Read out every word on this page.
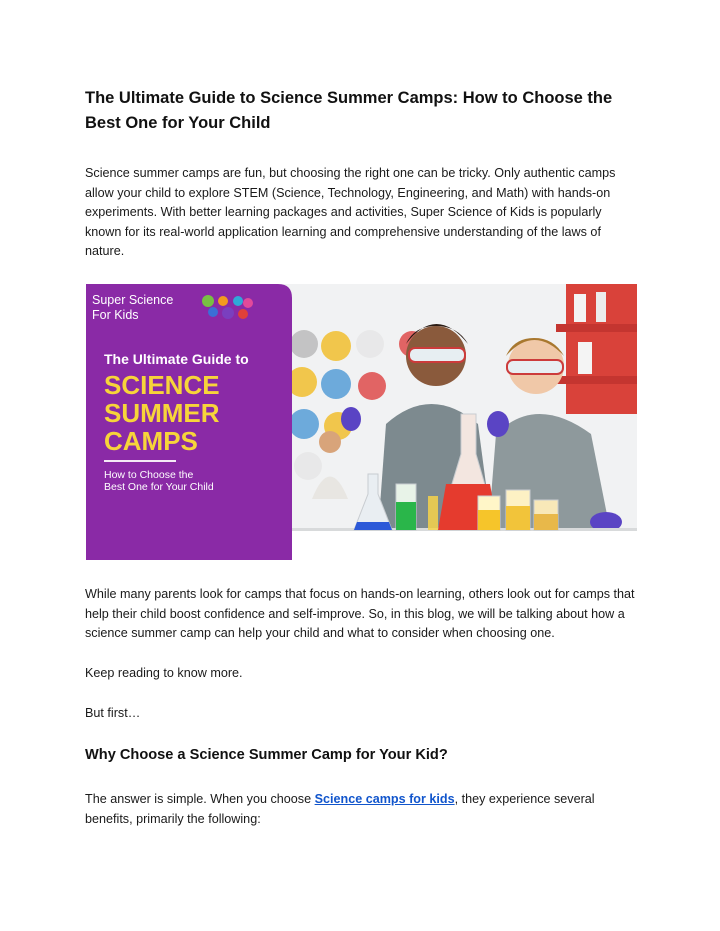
The Ultimate Guide to Science Summer Camps: How to Choose the Best One for Your Child
Science summer camps are fun, but choosing the right one can be tricky. Only authentic camps allow your child to explore STEM (Science, Technology, Engineering, and Math) with hands-on experiments. With better learning packages and activities, Super Science of Kids is popularly known for its real-world application learning and comprehensive understanding of the laws of nature.
Super Science
For Kids
The Ultimate Guide to
SCIENCE
SUMMER
CAMPS
How to Choose the
Best One for Your Child
While many parents look for camps that focus on hands-on learning, others look out for camps that help their child boost confidence and self-improve. So, in this blog, we will be talking about how a science summer camp can help your child and what to consider when choosing one.
Keep reading to know more.
But first…
Why Choose a Science Summer Camp for Your Kid?
The answer is simple. When you choose Science camps for kids, they experience several benefits, primarily the following:
